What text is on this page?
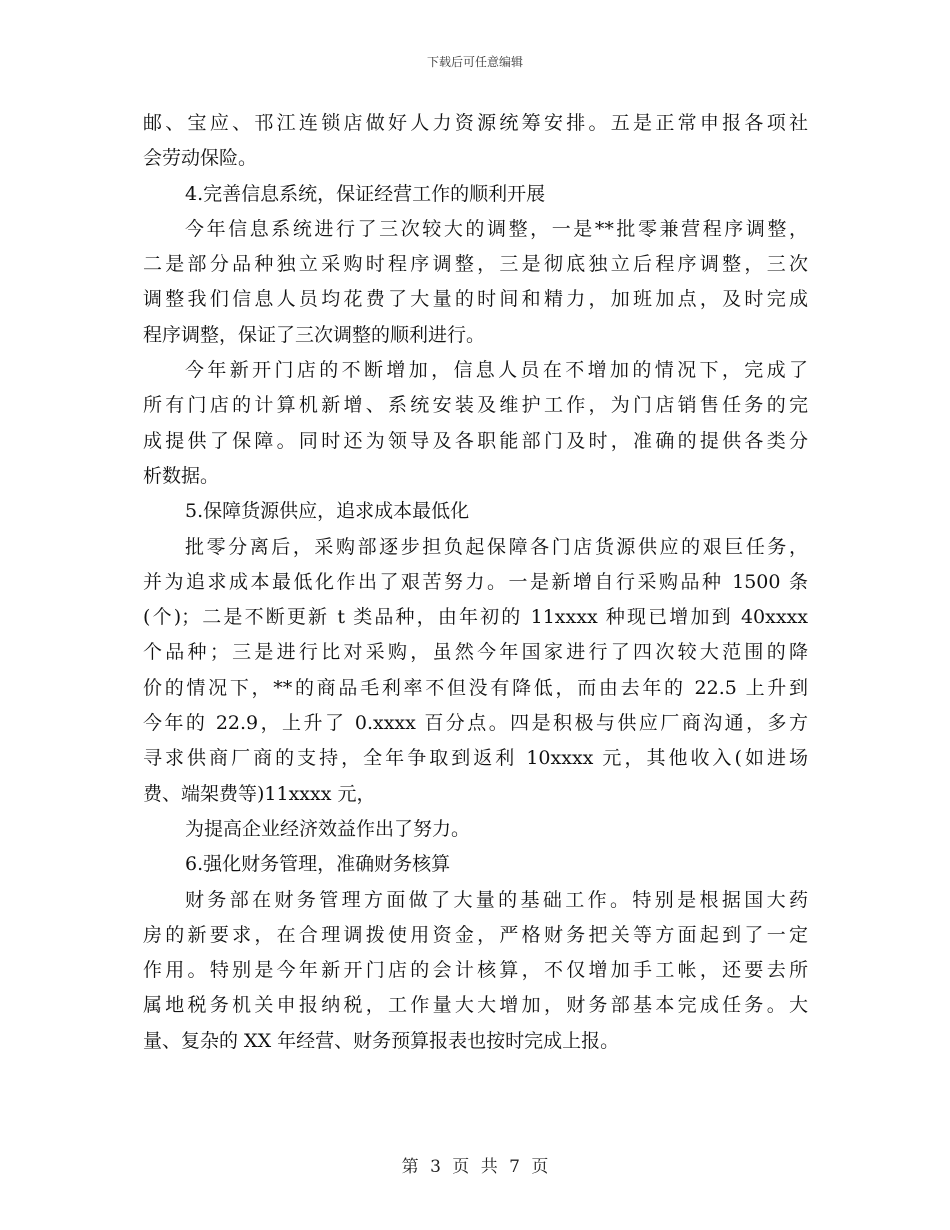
下载后可任意编辑
邮、宝应、邗江连锁店做好人力资源统筹安排。五是正常申报各项社
会劳动保险。
4.完善信息系统，保证经营工作的顺利开展
今年信息系统进行了三次较大的调整，一是**批零兼营程序调整，
二是部分品种独立采购时程序调整，三是彻底独立后程序调整，三次
调整我们信息人员均花费了大量的时间和精力，加班加点，及时完成
程序调整，保证了三次调整的顺利进行。
今年新开门店的不断增加，信息人员在不增加的情况下，完成了
所有门店的计算机新增、系统安装及维护工作，为门店销售任务的完
成提供了保障。同时还为领导及各职能部门及时，准确的提供各类分
析数据。
5.保障货源供应，追求成本最低化
批零分离后，采购部逐步担负起保障各门店货源供应的艰巨任务，
并为追求成本最低化作出了艰苦努力。一是新增自行采购品种 1500 条
(个)；二是不断更新 t 类品种，由年初的 11xxxx 种现已增加到 40xxxx
个品种；三是进行比对采购，虽然今年国家进行了四次较大范围的降
价的情况下，**的商品毛利率不但没有降低，而由去年的 22.5 上升到
今年的 22.9，上升了 0.xxxx 百分点。四是积极与供应厂商沟通，多方
寻求供商厂商的支持，全年争取到返利 10xxxx 元，其他收入(如进场
费、端架费等)11xxxx 元，
为提高企业经济效益作出了努力。
6.强化财务管理，准确财务核算
财务部在财务管理方面做了大量的基础工作。特别是根据国大药
房的新要求，在合理调拨使用资金，严格财务把关等方面起到了一定
作用。特别是今年新开门店的会计核算，不仅增加手工帐，还要去所
属地税务机关申报纳税，工作量大大增加，财务部基本完成任务。大
量、复杂的 XX 年经营、财务预算报表也按时完成上报。
第 3 页 共 7 页
